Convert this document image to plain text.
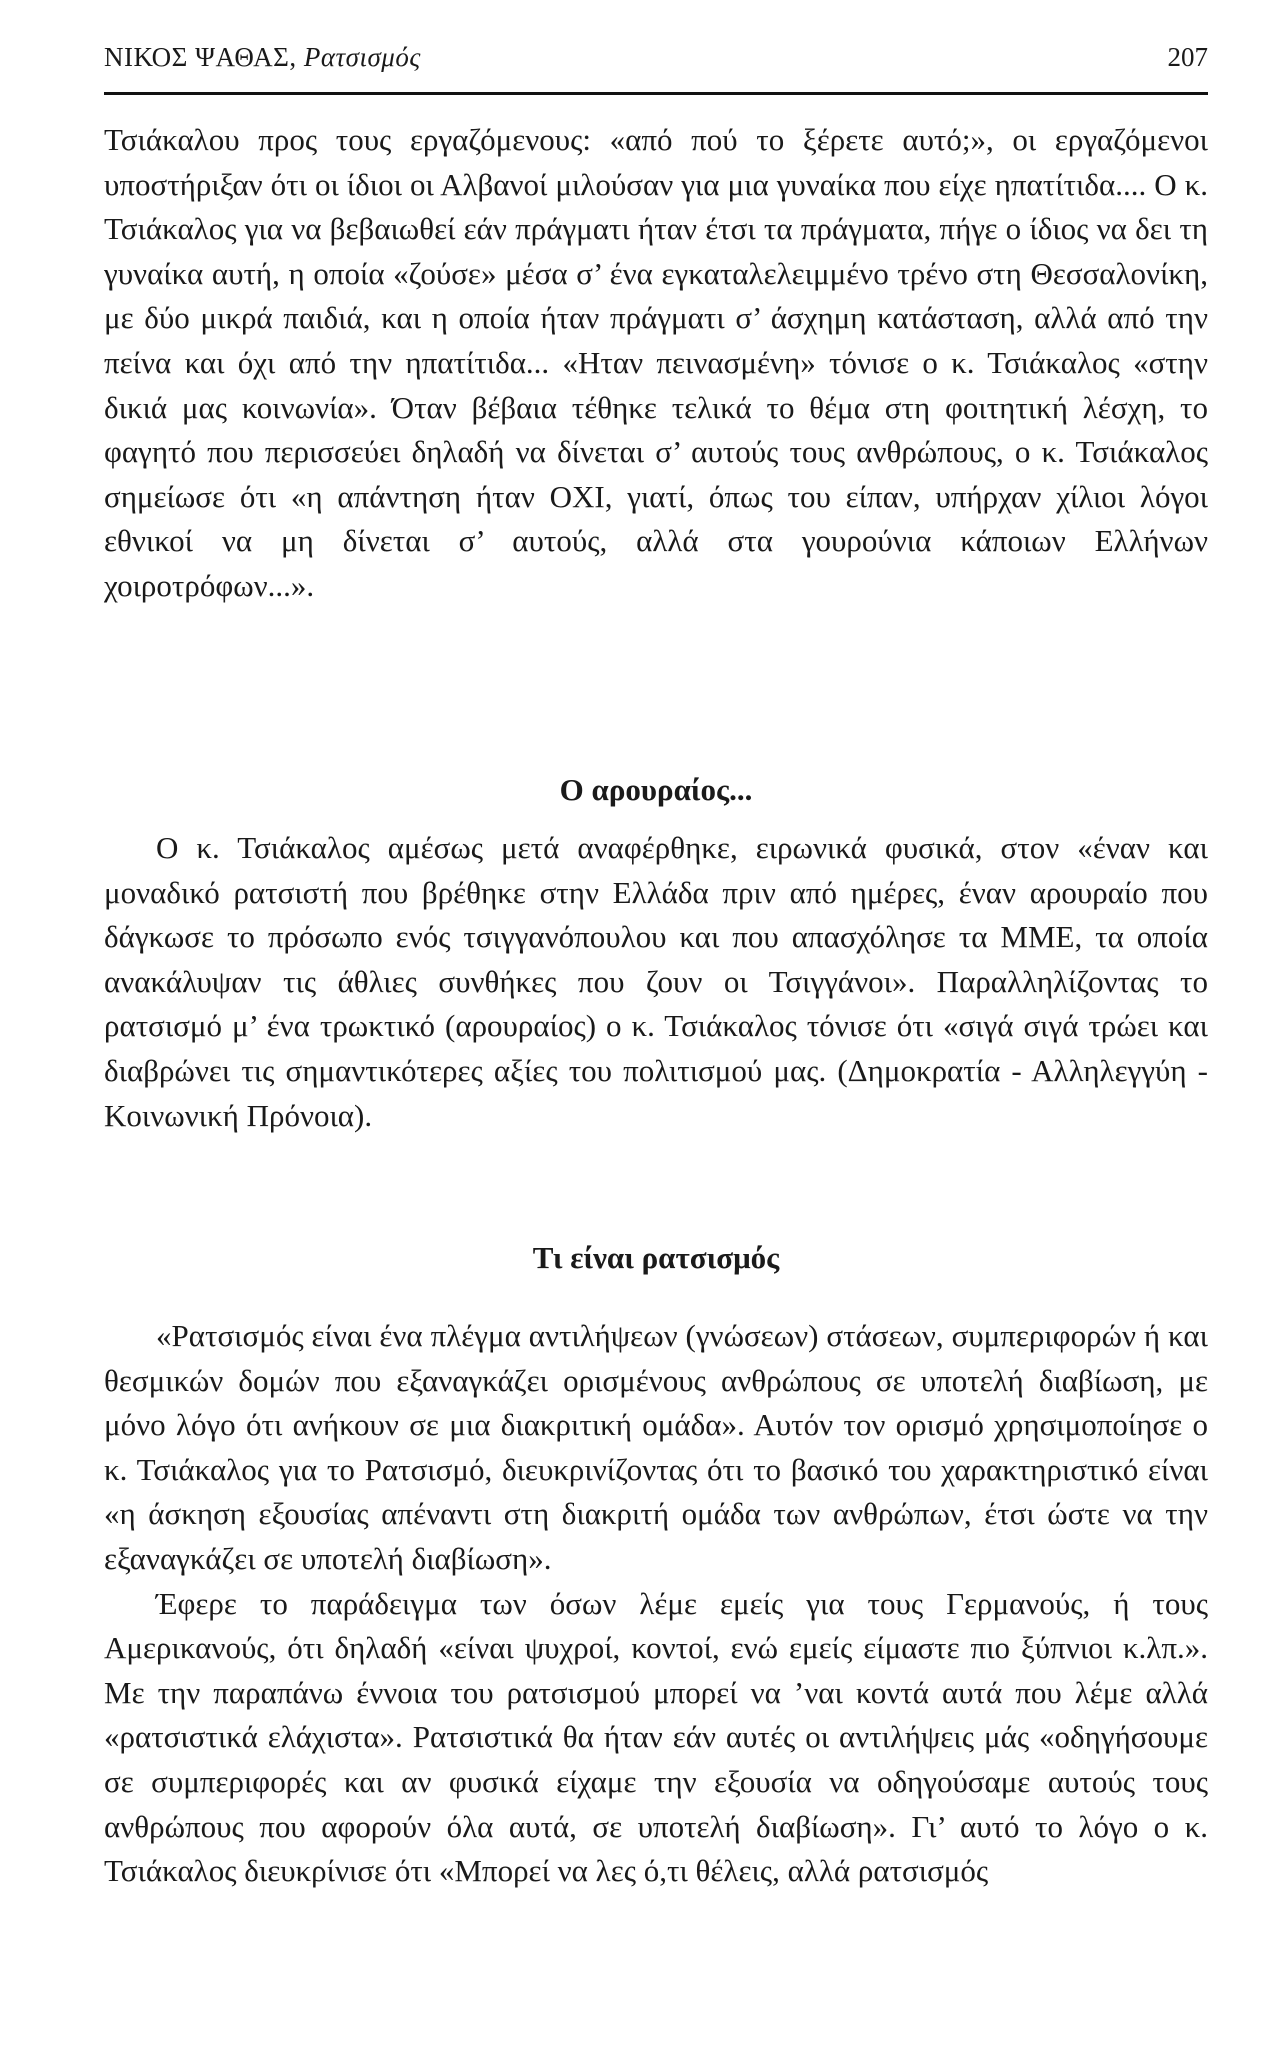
ΝΙΚΟΣ ΨΑΘΑΣ, Ρατσισμός	207

Τσιάκαλου προς τους εργαζόμενους: «από πού το ξέρετε αυτό;», οι εργαζόμενοι υποστήριξαν ότι οι ίδιοι οι Αλβανοί μιλούσαν για μια γυναίκα που είχε ηπατίτιδα.... Ο κ. Τσιάκαλος για να βεβαιωθεί εάν πράγματι ήταν έτσι τα πράγματα, πήγε ο ίδιος να δει τη γυναίκα αυτή, η οποία «ζούσε» μέσα σ’ ένα εγκαταλελειμμένο τρένο στη Θεσσαλονίκη, με δύο μικρά παιδιά, και η οποία ήταν πράγματι σ’ άσχημη κατάσταση, αλλά από την πείνα και όχι από την ηπατίτιδα... «Ηταν πεινασμένη» τόνισε ο κ. Τσιάκαλος «στην δικιά μας κοινωνία». Όταν βέβαια τέθηκε τελικά το θέμα στη φοιτητική λέσχη, το φαγητό που περισσεύει δηλαδή να δίνεται σ’ αυτούς τους ανθρώπους, ο κ. Τσιάκαλος σημείωσε ότι «η απάντηση ήταν ΟΧΙ, γιατί, όπως του είπαν, υπήρχαν χίλιοι λόγοι εθνικοί να μη δίνεται σ’ αυτούς, αλλά στα γουρούνια κάποιων Ελλήνων χοιροτρόφων...».

Ο αρουραίος...

Ο κ. Τσιάκαλος αμέσως μετά αναφέρθηκε, ειρωνικά φυσικά, στον «έναν και μοναδικό ρατσιστή που βρέθηκε στην Ελλάδα πριν από ημέρες, έναν αρουραίο που δάγκωσε το πρόσωπο ενός τσιγγανόπουλου και που απασχόλησε τα ΜΜΕ, τα οποία ανακάλυψαν τις άθλιες συνθήκες που ζουν οι Τσιγγάνοι». Παραλληλίζοντας το ρατσισμό μ’ ένα τρωκτικό (αρουραίος) ο κ. Τσιάκαλος τόνισε ότι «σιγά σιγά τρώει και διαβρώνει τις σημαντικότερες αξίες του πολιτισμού μας. (Δημοκρατία - Αλληλεγγύη - Κοινωνική Πρόνοια).

Τι είναι ρατσισμός

«Ρατσισμός είναι ένα πλέγμα αντιλήψεων (γνώσεων) στάσεων, συμπεριφορών ή και θεσμικών δομών που εξαναγκάζει ορισμένους ανθρώπους σε υποτελή διαβίωση, με μόνο λόγο ότι ανήκουν σε μια διακριτική ομάδα». Αυτόν τον ορισμό χρησιμοποίησε ο κ. Τσιάκαλος για το Ρατσισμό, διευκρινίζοντας ότι το βασικό του χαρακτηριστικό είναι «η άσκηση εξουσίας απέναντι στη διακριτή ομάδα των ανθρώπων, έτσι ώστε να την εξαναγκάζει σε υποτελή διαβίωση».

Έφερε το παράδειγμα των όσων λέμε εμείς για τους Γερμανούς, ή τους Αμερικανούς, ότι δηλαδή «είναι ψυχροί, κοντοί, ενώ εμείς είμαστε πιο ξύπνιοι κ.λπ.». Με την παραπάνω έννοια του ρατσισμού μπορεί να ’ναι κοντά αυτά που λέμε αλλά «ρατσιστικά ελάχιστα». Ρατσιστικά θα ήταν εάν αυτές οι αντιλήψεις μάς «οδηγήσουμε σε συμπεριφορές και αν φυσικά είχαμε την εξουσία να οδηγούσαμε αυτούς τους ανθρώπους που αφορούν όλα αυτά, σε υποτελή διαβίωση». Γι’ αυτό το λόγο ο κ. Τσιάκαλος διευκρίνισε ότι «Μπορεί να λες ό,τι θέλεις, αλλά ρατσισμός
